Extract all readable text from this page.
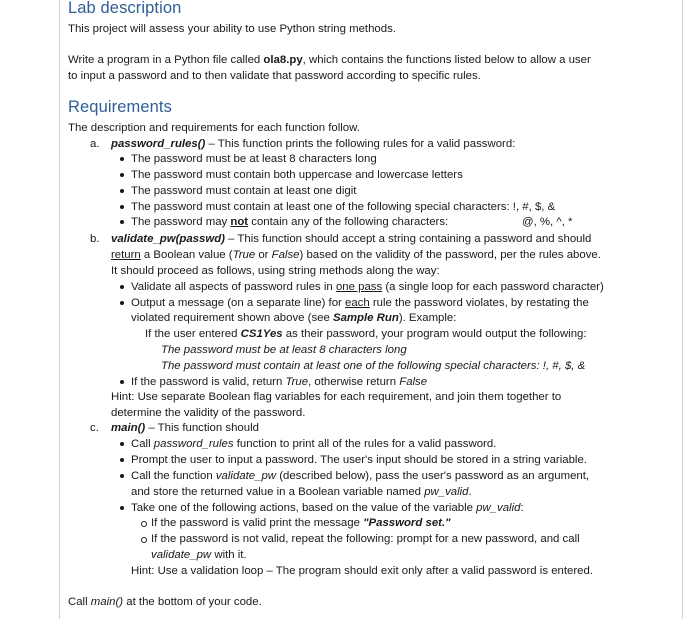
Lab description
This project will assess your ability to use Python string methods.
Write a program in a Python file called ola8.py, which contains the functions listed below to allow a user
to input a password and to then validate that password according to specific rules.
Requirements
The description and requirements for each function follow.
a. password_rules() – This function prints the following rules for a valid password:
The password must be at least 8 characters long
The password must contain both uppercase and lowercase letters
The password must contain at least one digit
The password must contain at least one of the following special characters: !, #, $, &
The password may not contain any of the following characters:	@, %, ^, *
b. validate_pw(passwd) – This function should accept a string containing a password and should
return a Boolean value (True or False) based on the validity of the password, per the rules above.
It should proceed as follows, using string methods along the way:
Validate all aspects of password rules in one pass (a single loop for each password character)
Output a message (on a separate line) for each rule the password violates, by restating the
violated requirement shown above (see Sample Run). Example:
If the user entered CS1Yes as their password, your program would output the following:
The password must be at least 8 characters long
The password must contain at least one of the following special characters: !, #, $, &
If the password is valid, return True, otherwise return False
Hint: Use separate Boolean flag variables for each requirement, and join them together to
determine the validity of the password.
c. main() – This function should
Call password_rules function to print all of the rules for a valid password.
Prompt the user to input a password. The user's input should be stored in a string variable.
Call the function validate_pw (described below), pass the user's password as an argument,
and store the returned value in a Boolean variable named pw_valid.
Take one of the following actions, based on the value of the variable pw_valid:
If the password is valid print the message "Password set."
If the password is not valid, repeat the following: prompt for a new password, and call
validate_pw with it.
Hint: Use a validation loop – The program should exit only after a valid password is entered.
Call main() at the bottom of your code.
